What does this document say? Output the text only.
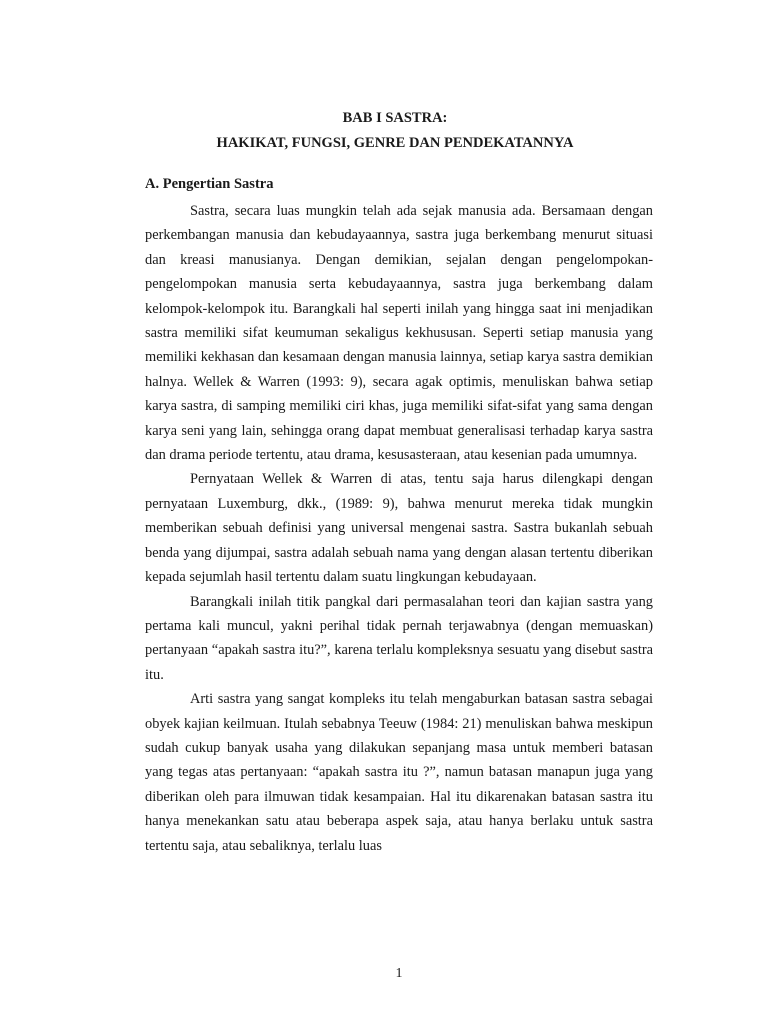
BAB I SASTRA:
HAKIKAT, FUNGSI, GENRE DAN PENDEKATANNYA
A. Pengertian Sastra

Sastra, secara luas mungkin telah ada sejak manusia ada. Bersamaan dengan perkembangan manusia dan kebudayaannya, sastra juga berkembang menurut situasi dan kreasi manusianya. Dengan demikian, sejalan dengan pengelompokan-pengelompokan manusia serta kebudayaannya, sastra juga berkembang dalam kelompok-kelompok itu. Barangkali hal seperti inilah yang hingga saat ini menjadikan sastra memiliki sifat keumuman sekaligus kekhususan. Seperti setiap manusia yang memiliki kekhasan dan kesamaan dengan manusia lainnya, setiap karya sastra demikian halnya. Wellek & Warren (1993: 9), secara agak optimis, menuliskan bahwa setiap karya sastra, di samping memiliki ciri khas, juga memiliki sifat-sifat yang sama dengan karya seni yang lain, sehingga orang dapat membuat generalisasi terhadap karya sastra dan drama periode tertentu, atau drama, kesusasteraan, atau kesenian pada umumnya.

Pernyataan Wellek & Warren di atas, tentu saja harus dilengkapi dengan pernyataan Luxemburg, dkk., (1989: 9), bahwa menurut mereka tidak mungkin memberikan sebuah definisi yang universal mengenai sastra. Sastra bukanlah sebuah benda yang dijumpai, sastra adalah sebuah nama yang dengan alasan tertentu diberikan kepada sejumlah hasil tertentu dalam suatu lingkungan kebudayaan.

Barangkali inilah titik pangkal dari permasalahan teori dan kajian sastra yang pertama kali muncul, yakni perihal tidak pernah terjawabnya (dengan memuaskan) pertanyaan “apakah sastra itu?”, karena terlalu kompleksnya sesuatu yang disebut sastra itu.

Arti sastra yang sangat kompleks itu telah mengaburkan batasan sastra sebagai obyek kajian keilmuan. Itulah sebabnya Teeuw (1984: 21) menuliskan bahwa meskipun sudah cukup banyak usaha yang dilakukan sepanjang masa untuk memberi batasan yang tegas atas pertanyaan: “apakah sastra itu ?”, namun batasan manapun juga yang diberikan oleh para ilmuwan tidak kesampaian. Hal itu dikarenakan batasan sastra itu hanya menekankan satu atau beberapa aspek saja, atau hanya berlaku untuk sastra tertentu saja, atau sebaliknya, terlalu luas

1
